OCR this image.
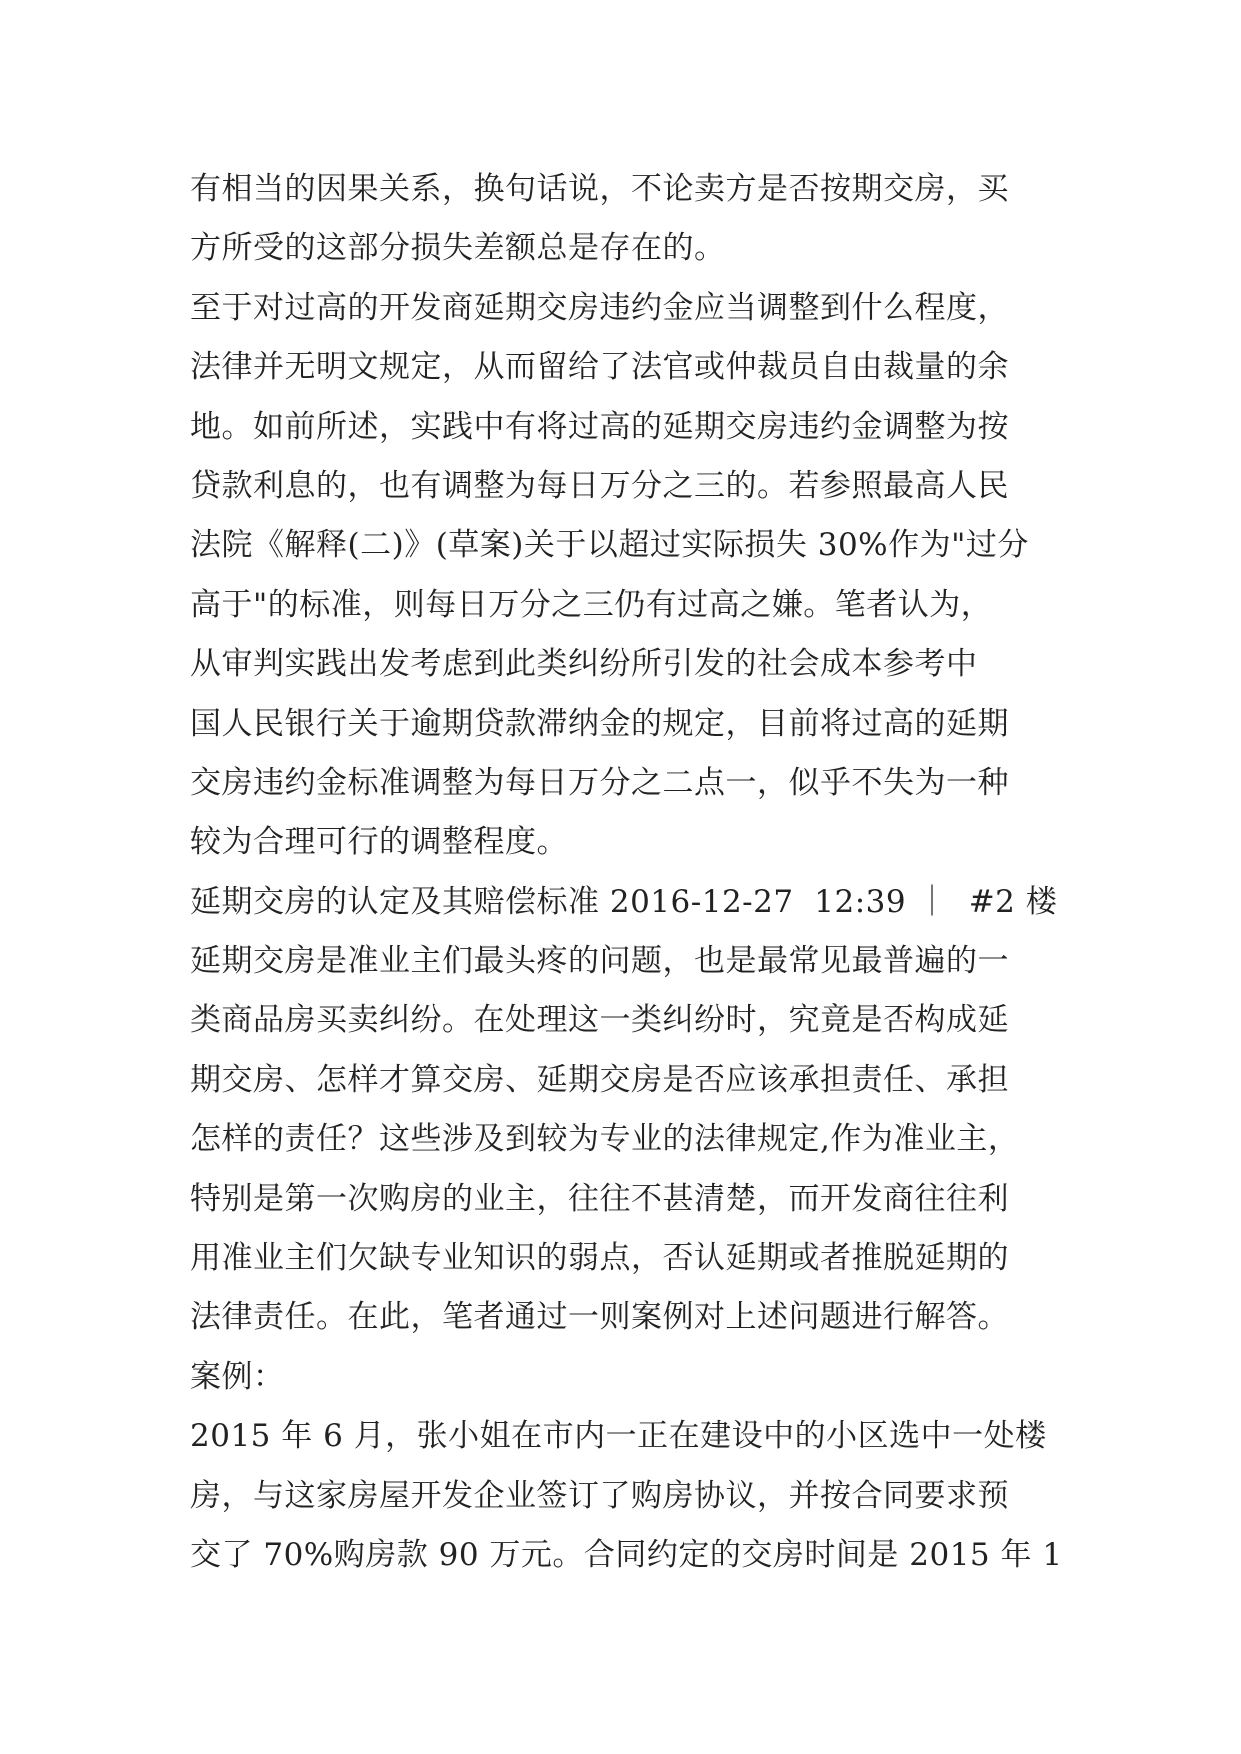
有相当的因果关系，换句话说，不论卖方是否按期交房，买
方所受的这部分损失差额总是存在的。
至于对过高的开发商延期交房违约金应当调整到什么程度，
法律并无明文规定，从而留给了法官或仲裁员自由裁量的余
地。如前所述，实践中有将过高的延期交房违约金调整为按
贷款利息的，也有调整为每日万分之三的。若参照最高人民
法院《解释(二)》(草案)关于以超过实际损失 30%作为"过分
高于"的标准，则每日万分之三仍有过高之嫌。笔者认为，
从审判实践出发考虑到此类纠纷所引发的社会成本参考中
国人民银行关于逾期贷款滞纳金的规定，目前将过高的延期
交房违约金标准调整为每日万分之二点一，似乎不失为一种
较为合理可行的调整程度。
延期交房的认定及其赔偿标准 2016-12-27  12:39 ｜  #2 楼
延期交房是准业主们最头疼的问题，也是最常见最普遍的一
类商品房买卖纠纷。在处理这一类纠纷时，究竟是否构成延
期交房、怎样才算交房、延期交房是否应该承担责任、承担
怎样的责任？这些涉及到较为专业的法律规定,作为准业主，
特别是第一次购房的业主，往往不甚清楚，而开发商往往利
用准业主们欠缺专业知识的弱点，否认延期或者推脱延期的
法律责任。在此，笔者通过一则案例对上述问题进行解答。
案例：
2015 年 6 月，张小姐在市内一正在建设中的小区选中一处楼
房，与这家房屋开发企业签订了购房协议，并按合同要求预
交了 70%购房款 90 万元。合同约定的交房时间是 2015 年 1
